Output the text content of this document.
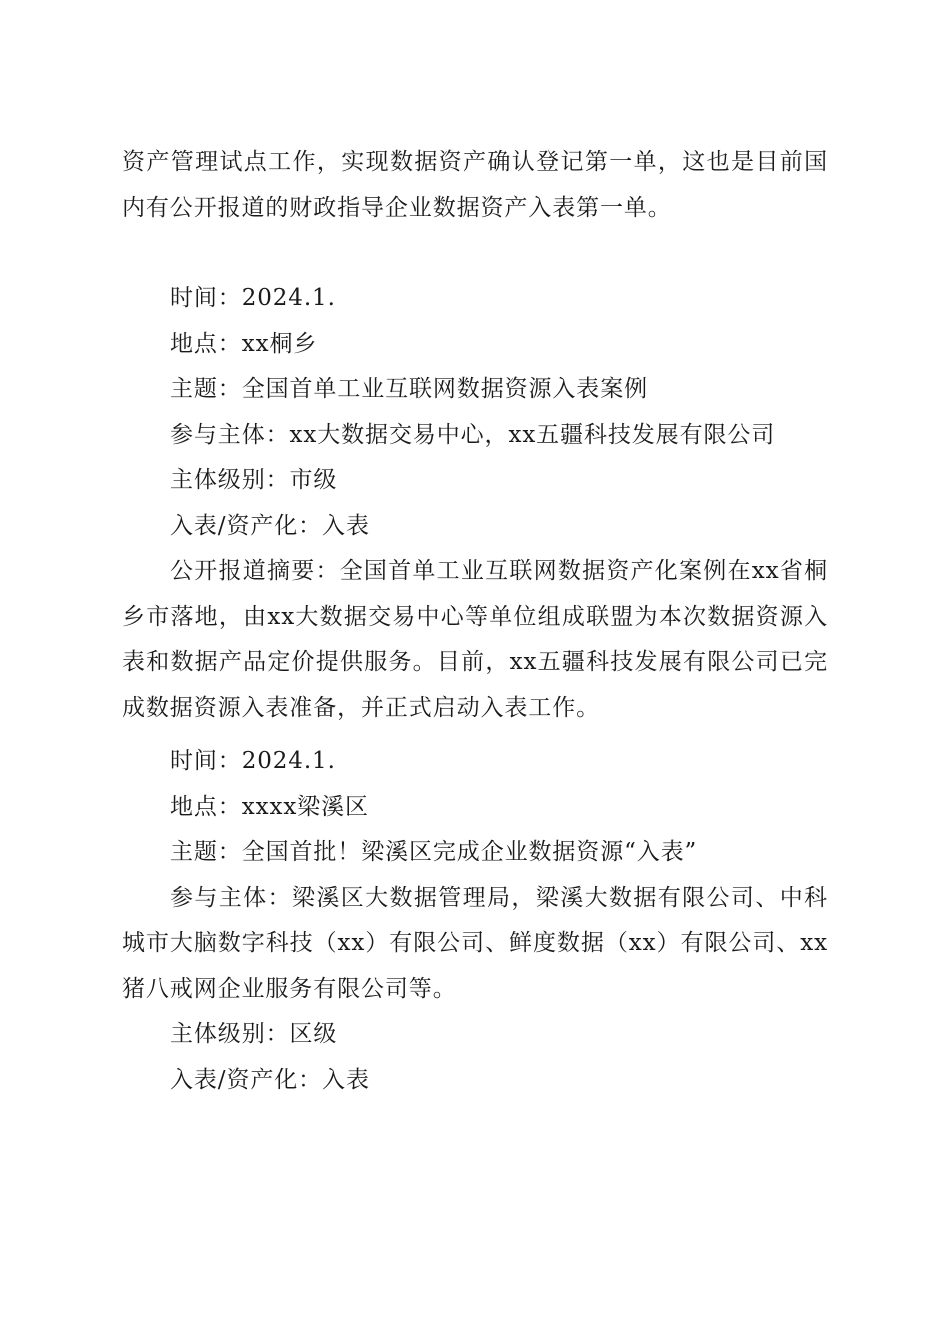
资产管理试点工作，实现数据资产确认登记第一单，这也是目前国内有公开报道的财政指导企业数据资产入表第一单。

时间：2024.1.

地点：xx桐乡

主题：全国首单工业互联网数据资源入表案例

参与主体：xx大数据交易中心，xx五疆科技发展有限公司

主体级别：市级

入表/资产化：入表

公开报道摘要：全国首单工业互联网数据资产化案例在xx省桐乡市落地，由xx大数据交易中心等单位组成联盟为本次数据资源入表和数据产品定价提供服务。目前，xx五疆科技发展有限公司已完成数据资源入表准备，并正式启动入表工作。

时间：2024.1.

地点：xxxx梁溪区

主题：全国首批！梁溪区完成企业数据资源“入表”

参与主体：梁溪区大数据管理局，梁溪大数据有限公司、中科城市大脑数字科技（xx）有限公司、鲜度数据（xx）有限公司、xx猪八戒网企业服务有限公司等。

主体级别：区级

入表/资产化：入表
